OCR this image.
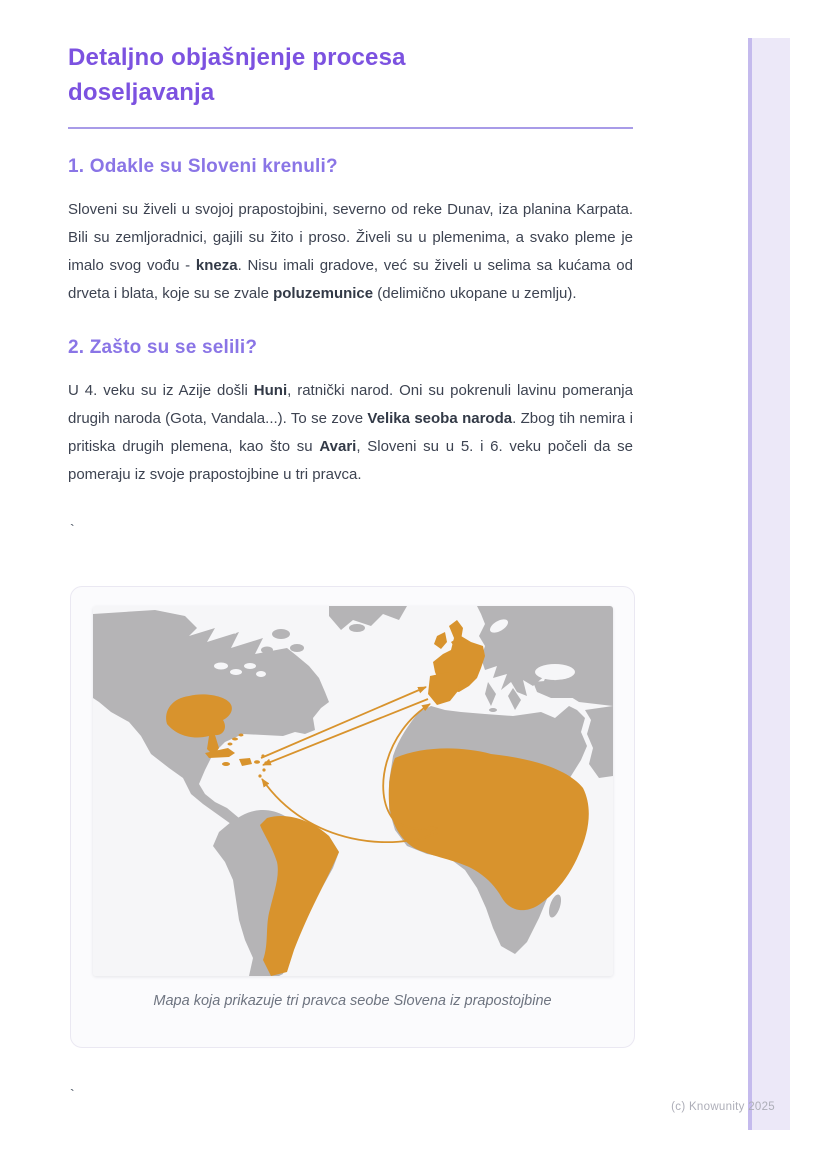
Detaljno objašnjenje procesa doseljavanja
1. Odakle su Sloveni krenuli?

Sloveni su živeli u svojoj prapostojbini, severno od reke Dunav, iza planina Karpata. Bili su zemljoradnici, gajili su žito i proso. Živeli su u plemenima, a svako pleme je imalo svog vođu - kneza. Nisu imali gradove, već su živeli u selima sa kućama od drveta i blata, koje su se zvale poluzemunice (delimično ukopane u zemlju).

2. Zašto su se selili?

U 4. veku su iz Azije došli Huni, ratnički narod. Oni su pokrenuli lavinu pomeranja drugih naroda (Gota, Vandala...). To se zove Velika seoba naroda. Zbog tih nemira i pritiska drugih plemena, kao što su Avari, Sloveni su u 5. i 6. veku počeli da se pomeraju iz svoje prapostojbine u tri pravca.

`
Mapa koja prikazuje tri pravca seobe Slovena iz prapostojbine
`
(c) Knowunity 2025
